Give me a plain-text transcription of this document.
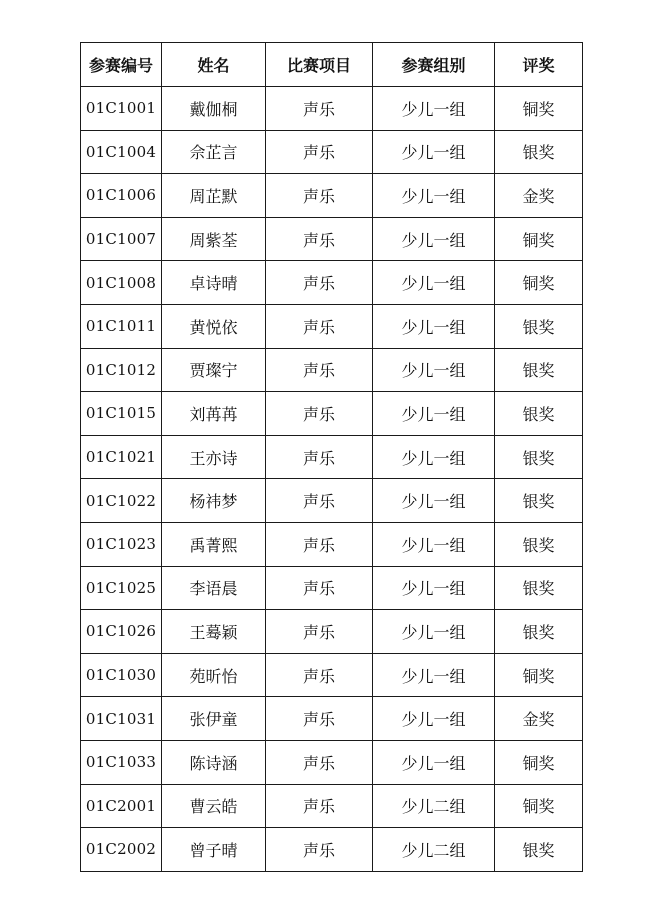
参赛编号	姓名	比赛项目	参赛组别	评奖
01C1001	戴伽桐	声乐	少儿一组	铜奖
01C1004	佘芷言	声乐	少儿一组	银奖
01C1006	周芷默	声乐	少儿一组	金奖
01C1007	周紫荃	声乐	少儿一组	铜奖
01C1008	卓诗晴	声乐	少儿一组	铜奖
01C1011	黄悦依	声乐	少儿一组	银奖
01C1012	贾璨宁	声乐	少儿一组	银奖
01C1015	刘苒苒	声乐	少儿一组	银奖
01C1021	王亦诗	声乐	少儿一组	银奖
01C1022	杨祎梦	声乐	少儿一组	银奖
01C1023	禹菁熙	声乐	少儿一组	银奖
01C1025	李语晨	声乐	少儿一组	银奖
01C1026	王蓦颖	声乐	少儿一组	银奖
01C1030	苑昕怡	声乐	少儿一组	铜奖
01C1031	张伊童	声乐	少儿一组	金奖
01C1033	陈诗涵	声乐	少儿一组	铜奖
01C2001	曹云皓	声乐	少儿二组	铜奖
01C2002	曾子晴	声乐	少儿二组	银奖
